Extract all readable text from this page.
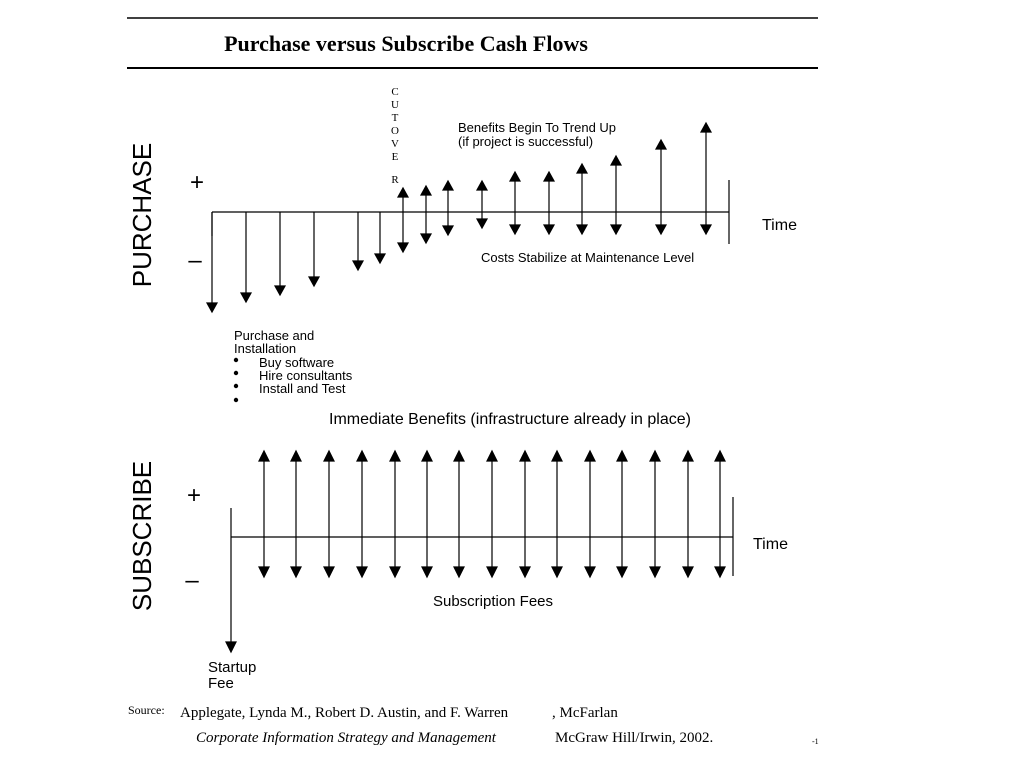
Purchase versus Subscribe Cash Flows
PURCHASE +
–
C
U
T
O
V
E
R
Benefits Begin To Trend Up
(if project is successful)
Costs Stabilize at Maintenance Level
Time
Purchase and
Installation
Buy software
Hire consultants
Install and Test
Immediate Benefits (infrastructure already in place)
SUBSCRIBE +
–
Time
Subscription Fees
Startup
Fee
Source: Applegate, Lynda M., Robert D. Austin, and F. Warren	, McFarlan
Corporate Information Strategy and Management	McGraw Hill/Irwin, 2002.	-1
